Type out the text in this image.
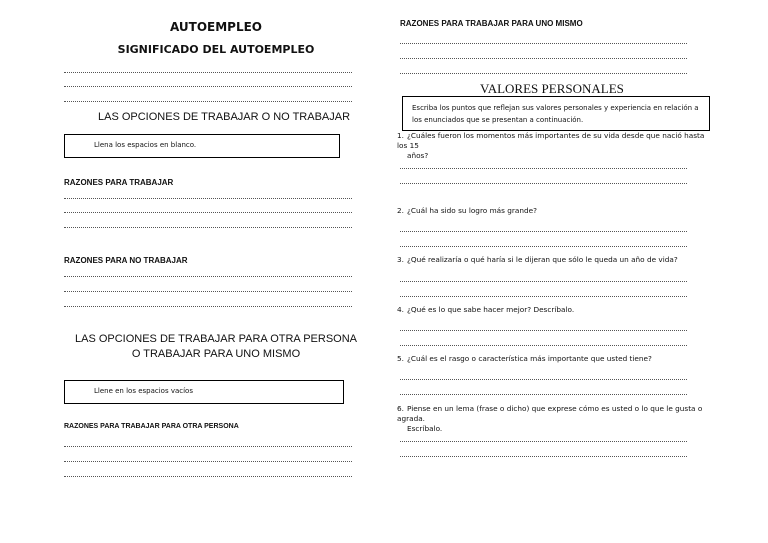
AUTOEMPLEO
SIGNIFICADO DEL AUTOEMPLEO
LAS OPCIONES DE TRABAJAR O NO TRABAJAR
Llena los espacios en blanco.
RAZONES PARA TRABAJAR
RAZONES PARA NO TRABAJAR
LAS OPCIONES DE TRABAJAR PARA OTRA PERSONA
O TRABAJAR PARA UNO MISMO
Llene en los espacios vacíos
RAZONES PARA TRABAJAR PARA OTRA PERSONA
RAZONES PARA TRABAJAR PARA UNO MISMO
VALORES PERSONALES
Escriba los puntos que reflejan sus valores personales y experiencia en relación a los enunciados que se presentan a continuación.
1. ¿Cuáles fueron los momentos más importantes de su vida desde que nació hasta los 15
años?
2. ¿Cuál ha sido su logro más grande?
3. ¿Qué realizaría o qué haría si le dijeran que sólo le queda un año de vida?
4. ¿Qué es lo que sabe hacer mejor? Descríbalo.
5. ¿Cuál es el rasgo o característica más importante que usted tiene?
6. Piense en un lema (frase o dicho) que exprese cómo es usted o lo que le gusta o agrada.
Escríbalo.
